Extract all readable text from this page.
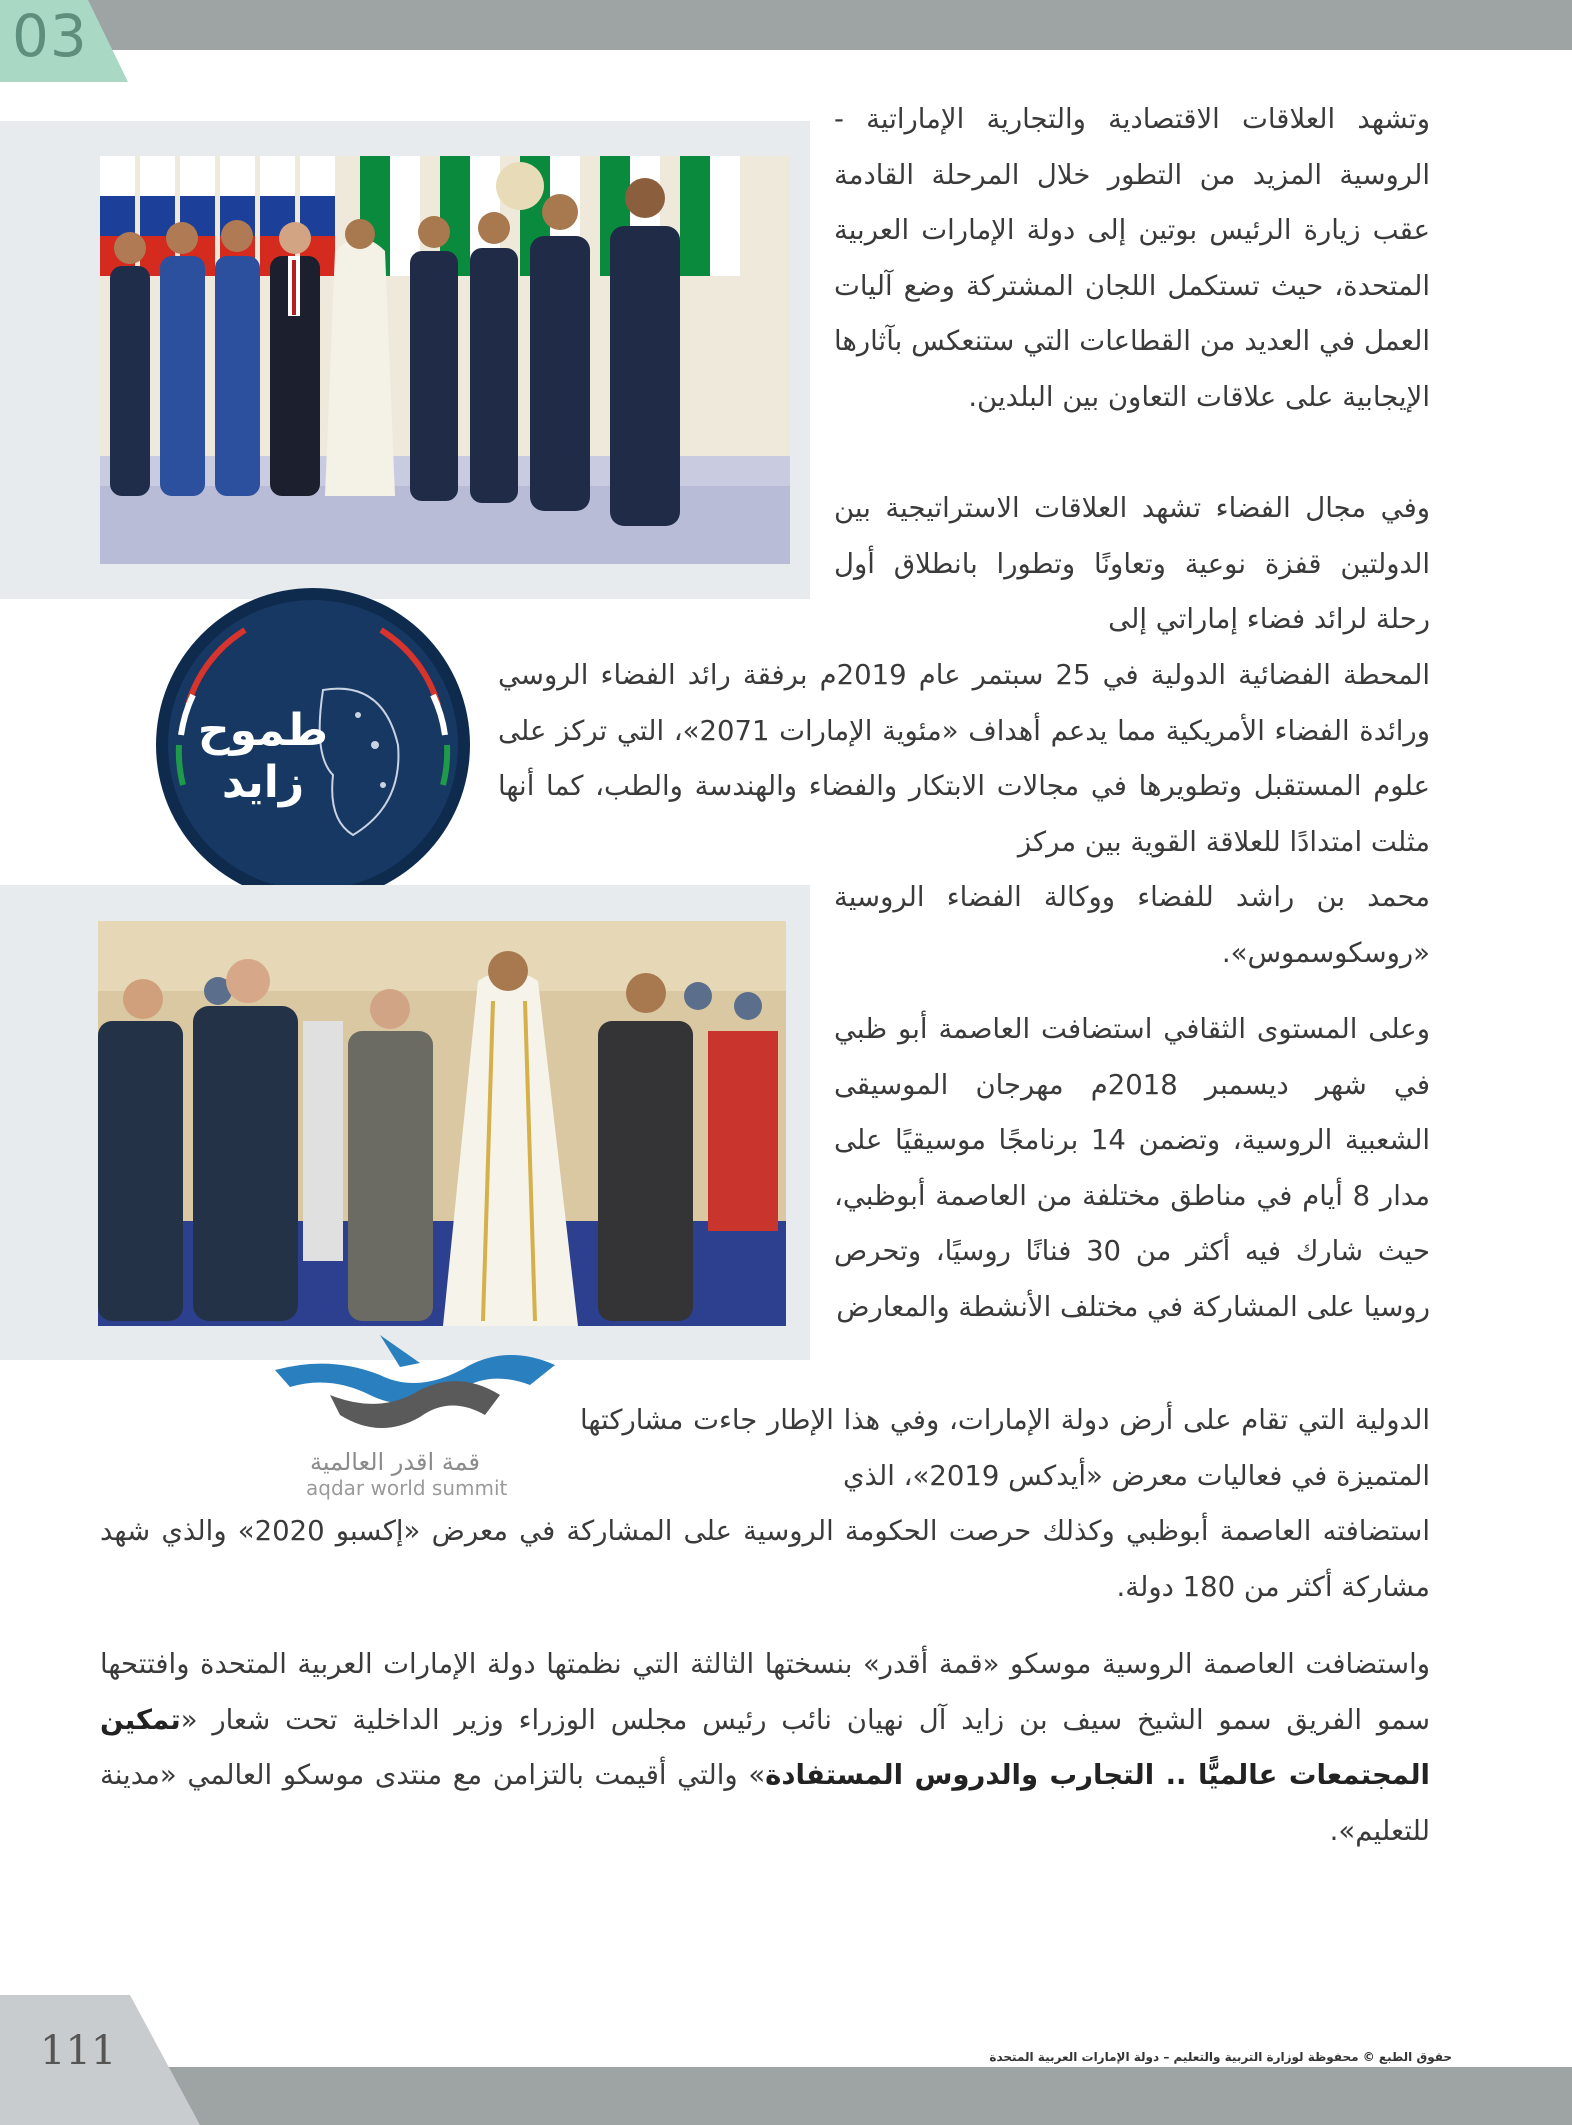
03
طموح
زايد
قمة اقدر العالمية
aqdar world summit

وتشهد العلاقات الاقتصادية والتجارية الإماراتية - الروسية المزيد من التطور خلال المرحلة القادمة عقب زيارة الرئيس بوتين إلى دولة الإمارات العربية المتحدة، حيث تستكمل اللجان المشتركة وضع آليات العمل في العديد من القطاعات التي ستنعكس بآثارها الإيجابية على علاقات التعاون بين البلدين.

وفي مجال الفضاء تشهد العلاقات الاستراتيجية بين الدولتين قفزة نوعية وتعاونًا وتطورا بانطلاق أول رحلة لرائد فضاء إماراتي إلى

المحطة الفضائية الدولية في 25 سبتمر عام 2019م برفقة رائد الفضاء الروسي ورائدة الفضاء الأمريكية مما يدعم أهداف «مئوية الإمارات 2071»، التي تركز على علوم المستقبل وتطويرها في مجالات الابتكار والفضاء والهندسة والطب، كما أنها مثلت امتدادًا للعلاقة القوية بين مركز

محمد بن راشد للفضاء ووكالة الفضاء الروسية «روسكوسموس».

وعلى المستوى الثقافي استضافت العاصمة أبو ظبي في شهر ديسمبر 2018م مهرجان الموسيقى الشعبية الروسية، وتضمن 14 برنامجًا موسيقيًا على مدار 8 أيام في مناطق مختلفة من العاصمة أبوظبي، حيث شارك فيه أكثر من 30 فنانًا روسيًا، وتحرص روسيا على المشاركة في مختلف الأنشطة والمعارض

الدولية التي تقام على أرض دولة الإمارات، وفي هذا الإطار جاءت مشاركتها المتميزة في فعاليات معرض «أيدكس 2019»، الذي

استضافته العاصمة أبوظبي وكذلك حرصت الحكومة الروسية على المشاركة في معرض «إكسبو 2020» والذي شهد مشاركة أكثر من 180 دولة.

واستضافت العاصمة الروسية موسكو «قمة أقدر» بنسختها الثالثة التي نظمتها دولة الإمارات العربية المتحدة وافتتحها سمو الفريق سمو الشيخ سيف بن زايد آل نهيان نائب رئيس مجلس الوزراء وزير الداخلية تحت شعار «تمكين المجتمعات عالميًّا .. التجارب والدروس المستفادة» والتي أقيمت بالتزامن مع منتدى موسكو العالمي «مدينة للتعليم».

111	حقوق الطبع © محفوظة لوزارة التربية والتعليم – دولة الإمارات العربية المتحدة
